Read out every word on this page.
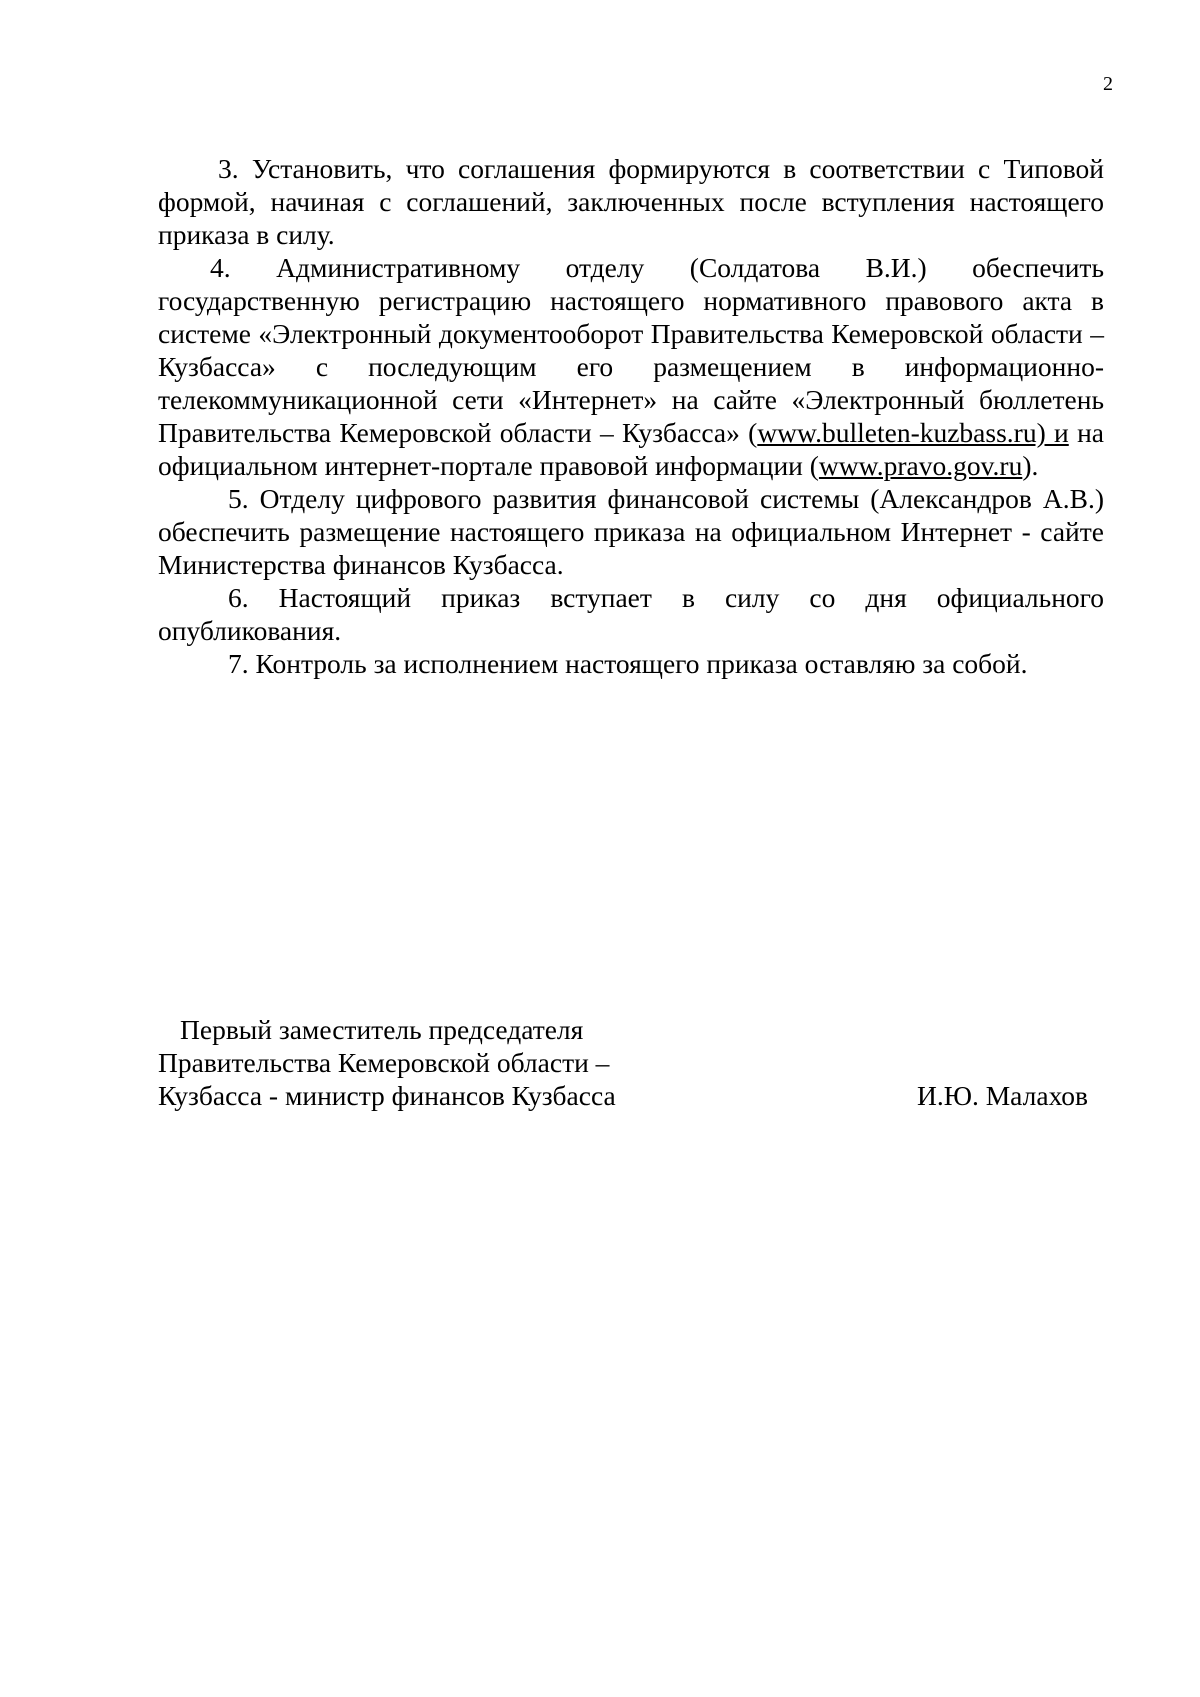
2

3. Установить, что соглашения формируются в соответствии с Типовой формой, начиная с соглашений, заключенных после вступления настоящего приказа в силу.

4. Административному отделу (Солдатова В.И.) обеспечить государственную регистрацию настоящего нормативного правового акта в системе «Электронный документооборот Правительства Кемеровской области – Кузбасса» с последующим его размещением в информационно-телекоммуникационной сети «Интернет» на сайте «Электронный бюллетень Правительства Кемеровской области – Кузбасса» (www.bulleten-kuzbass.ru) и на официальном интернет-портале правовой информации (www.pravo.gov.ru).

5. Отделу цифрового развития финансовой системы (Александров А.В.) обеспечить размещение настоящего приказа на официальном Интернет - сайте Министерства финансов Кузбасса.

6. Настоящий приказ вступает в силу со дня официального опубликования.

7. Контроль за исполнением настоящего приказа оставляю за собой.

Первый заместитель председателя
Правительства Кемеровской области –
Кузбасса - министр финансов Кузбасса	И.Ю. Малахов
